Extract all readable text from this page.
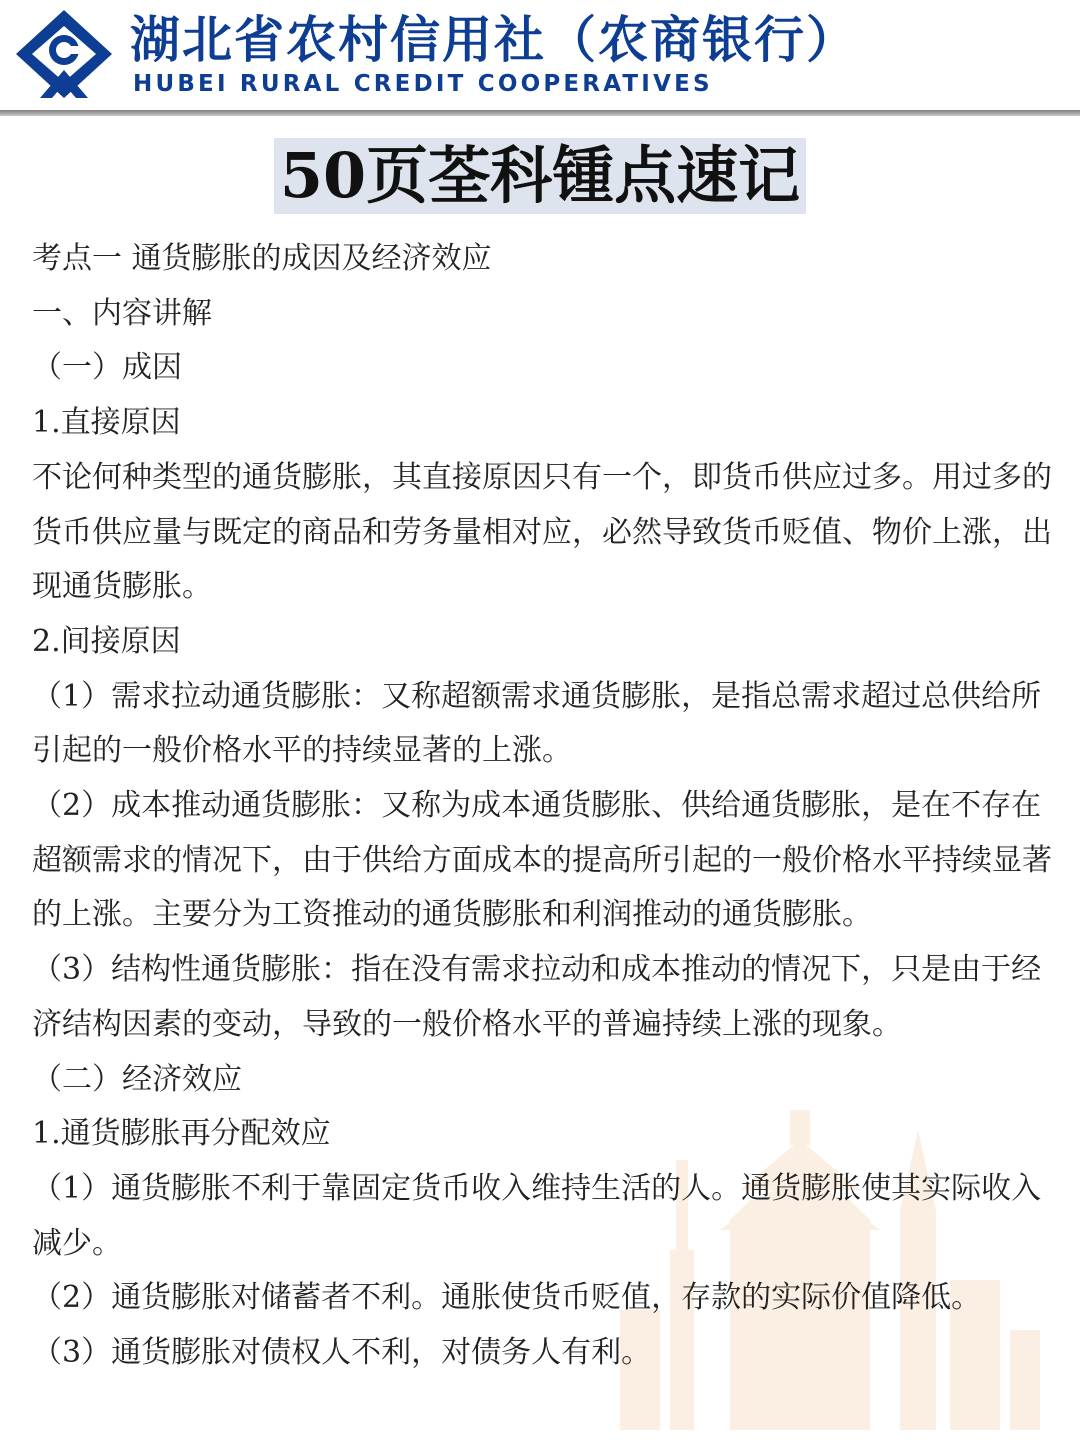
湖北省农村信用社（农商银行）
HUBEI RURAL CREDIT COOPERATIVES
50页荃科锺点速记

考点一 通货膨胀的成因及经济效应

一、内容讲解

（一）成因

1.直接原因

不论何种类型的通货膨胀，其直接原因只有一个，即货币供应过多。用过多的货币供应量与既定的商品和劳务量相对应，必然导致货币贬值、物价上涨，出现通货膨胀。

2.间接原因

（1）需求拉动通货膨胀：又称超额需求通货膨胀，是指总需求超过总供给所引起的一般价格水平的持续显著的上涨。

（2）成本推动通货膨胀：又称为成本通货膨胀、供给通货膨胀，是在不存在超额需求的情况下，由于供给方面成本的提高所引起的一般价格水平持续显著的上涨。主要分为工资推动的通货膨胀和利润推动的通货膨胀。

（3）结构性通货膨胀：指在没有需求拉动和成本推动的情况下，只是由于经济结构因素的变动，导致的一般价格水平的普遍持续上涨的现象。

（二）经济效应

1.通货膨胀再分配效应

（1）通货膨胀不利于靠固定货币收入维持生活的人。通货膨胀使其实际收入减少。

（2）通货膨胀对储蓄者不利。通胀使货币贬值，存款的实际价值降低。

（3）通货膨胀对债权人不利，对债务人有利。
